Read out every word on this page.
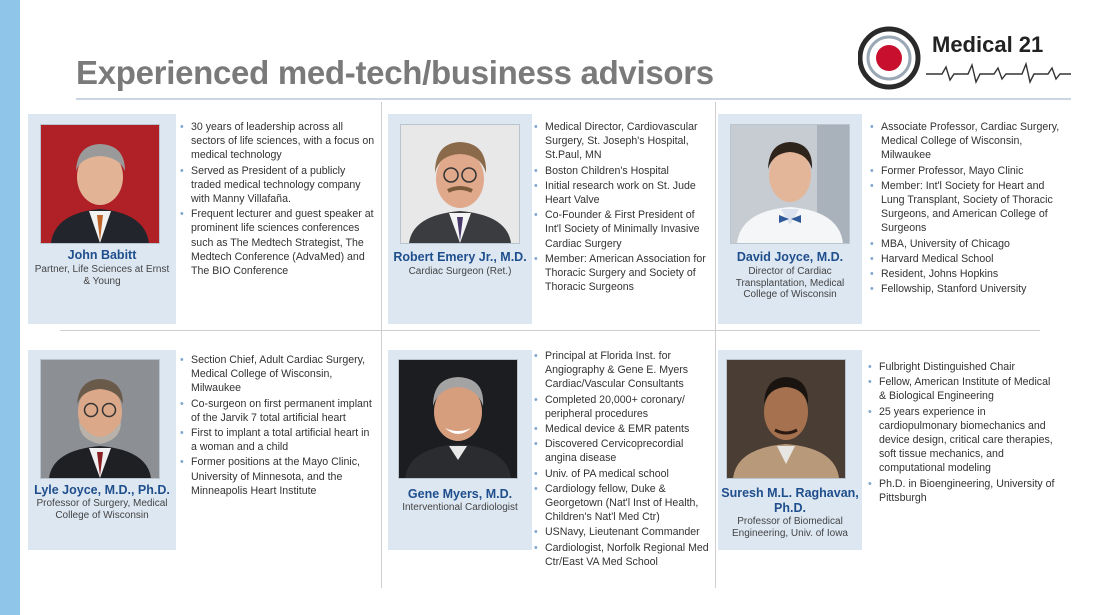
Experienced med-tech/business advisors
Medical 21
John Babitt
Partner, Life Sciences at Ernst & Young
• 30 years of leadership across all sectors of life sciences, with a focus on medical technology
• Served as President of a publicly traded medical technology company with Manny Villafaña.
• Frequent lecturer and guest speaker at prominent life sciences conferences such as The Medtech Strategist, The Medtech Conference (AdvaMed) and The BIO Conference
Robert Emery Jr., M.D.
Cardiac Surgeon (Ret.)
• Medical Director, Cardiovascular Surgery, St. Joseph's Hospital, St.Paul, MN
• Boston Children's Hospital
• Initial research work on St. Jude Heart Valve
• Co-Founder & First President of Int'l Society of Minimally Invasive Cardiac Surgery
• Member: American Association for Thoracic Surgery and Society of Thoracic Surgeons
David Joyce, M.D.
Director of Cardiac Transplantation, Medical College of Wisconsin
• Associate Professor, Cardiac Surgery, Medical College of Wisconsin, Milwaukee
• Former Professor, Mayo Clinic
• Member: Int'l Society for Heart and Lung Transplant, Society of Thoracic Surgeons, and American College of Surgeons
• MBA, University of Chicago
• Harvard Medical School
• Resident, Johns Hopkins
• Fellowship, Stanford University
Lyle Joyce, M.D., Ph.D.
Professor of Surgery, Medical College of Wisconsin
• Section Chief, Adult Cardiac Surgery, Medical College of Wisconsin, Milwaukee
• Co-surgeon on first permanent implant of the Jarvik 7 total artificial heart
• First to implant a total artificial heart in a woman and a child
• Former positions at the Mayo Clinic, University of Minnesota, and the Minneapolis Heart Institute	Gene Myers, M.D.
Interventional Cardiologist
• Principal at Florida Inst. for Angiography & Gene E. Myers Cardiac/Vascular Consultants
• Completed 20,000+ coronary/ peripheral procedures
• Medical device & EMR patents
• Discovered Cervicoprecordial angina disease
• Univ. of PA medical school
• Cardiology fellow, Duke & Georgetown (Nat'l Inst of Health, Children's Nat'l Med Ctr)
• USNavy, Lieutenant Commander
• Cardiologist, Norfolk Regional Med Ctr/East VA Med School
Suresh M.L. Raghavan, Ph.D.
Professor of Biomedical Engineering, Univ. of Iowa
• Fulbright Distinguished Chair
• Fellow, American Institute of Medical & Biological Engineering
• 25 years experience in cardiopulmonary biomechanics and device design, critical care therapies, soft tissue mechanics, and computational modeling
• Ph.D. in Bioengineering, University of Pittsburgh
